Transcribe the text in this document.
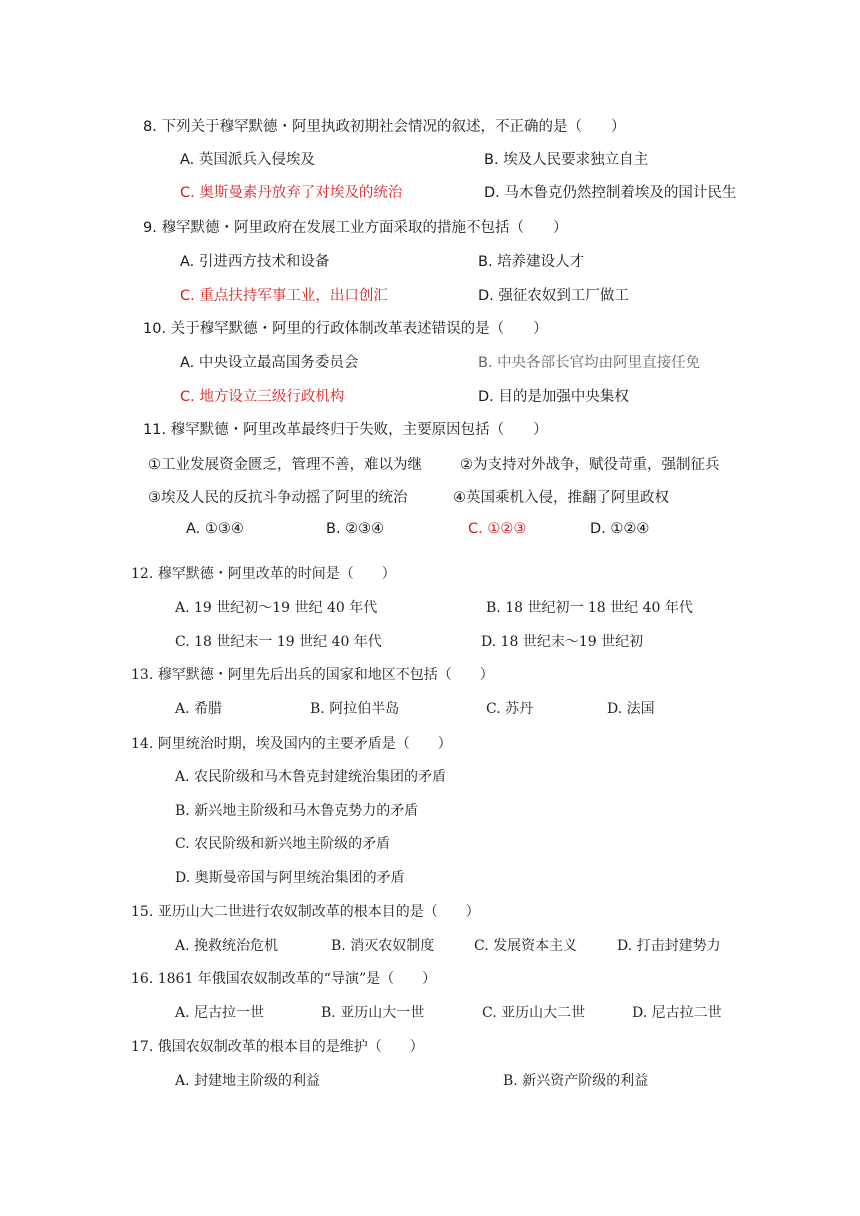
8. 下列关于穆罕默德・阿里执政初期社会情况的叙述，不正确的是（　　）
A. 英国派兵入侵埃及	B. 埃及人民要求独立自主
C. 奥斯曼素丹放弃了对埃及的统治	D. 马木鲁克仍然控制着埃及的国计民生
9. 穆罕默德・阿里政府在发展工业方面采取的措施不包括（　　）
A. 引进西方技术和设备	B. 培养建设人才
C. 重点扶持军事工业，出口创汇	D. 强征农奴到工厂做工
10. 关于穆罕默德・阿里的行政体制改革表述错误的是（　　）
A. 中央设立最高国务委员会	B. 中央各部长官均由阿里直接任免
C. 地方设立三级行政机构	D. 目的是加强中央集权
11. 穆罕默德・阿里改革最终归于失败，主要原因包括（　　）
①工业发展资金匮乏，管理不善，难以为继	②为支持对外战争，赋役苛重，强制征兵
③埃及人民的反抗斗争动摇了阿里的统治	④英国乘机入侵，推翻了阿里政权
A. ①③④	B. ②③④	C. ①②③	D. ①②④
12. 穆罕默德・阿里改革的时间是（　　）
A. 19 世纪初～19 世纪 40 年代	B. 18 世纪初一 18 世纪 40 年代
C. 18 世纪末一 19 世纪 40 年代	D. 18 世纪末～19 世纪初
13. 穆罕默德・阿里先后出兵的国家和地区不包括（　　）
A. 希腊	B. 阿拉伯半岛	C. 苏丹	D. 法国
14. 阿里统治时期，埃及国内的主要矛盾是（　　）
A. 农民阶级和马木鲁克封建统治集团的矛盾
B. 新兴地主阶级和马木鲁克势力的矛盾
C. 农民阶级和新兴地主阶级的矛盾
D. 奥斯曼帝国与阿里统治集团的矛盾
15. 亚历山大二世进行农奴制改革的根本目的是（　　）
A. 挽救统治危机	B. 消灭农奴制度	C. 发展资本主义	D. 打击封建势力
16. 1861 年俄国农奴制改革的“导演”是（　　）
A. 尼古拉一世	B. 亚历山大一世	C. 亚历山大二世	D. 尼古拉二世
17. 俄国农奴制改革的根本目的是维护（　　）
A. 封建地主阶级的利益	B. 新兴资产阶级的利益
